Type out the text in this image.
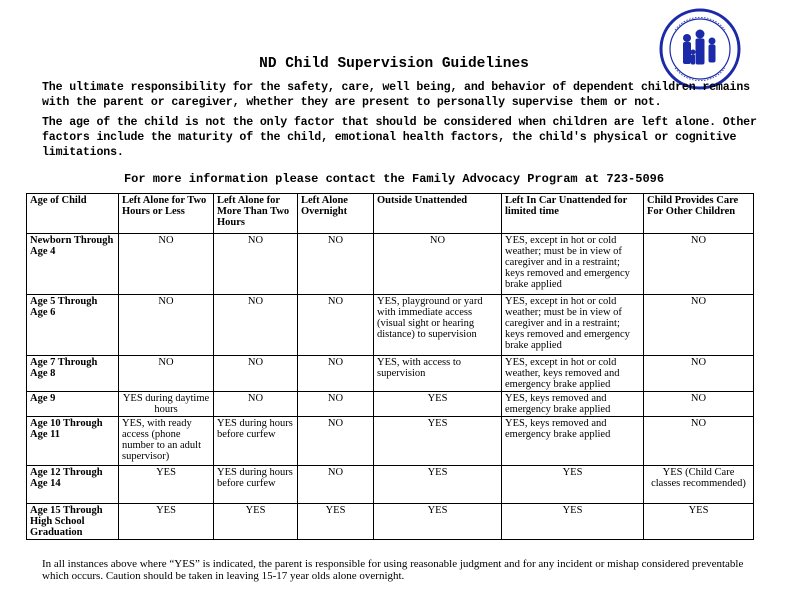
ND Child Supervision Guidelines

The ultimate responsibility for the safety, care, well being, and behavior of dependent children remains with the parent or caregiver, whether they are present to personally supervise them or not.

The age of the child is not the only factor that should be considered when children are left alone. Other factors include the maturity of the child, emotional health factors, the child's physical or cognitive limitations.

For more information please contact the Family Advocacy Program at 723-5096

Age of Child	Left Alone for Two Hours or Less	Left Alone for More Than Two Hours	Left Alone Overnight	Outside Unattended	Left In Car Unattended for limited time	Child Provides Care For Other Children
Newborn Through Age 4	NO	NO	NO	NO	YES, except in hot or cold weather; must be in view of caregiver and in a restraint; keys removed and emergency brake applied	NO
Age 5 Through Age 6	NO	NO	NO	YES, playground or yard with immediate access (visual sight or hearing distance) to supervision	YES, except in hot or cold weather; must be in view of caregiver and in a restraint; keys removed and emergency brake applied	NO
Age 7 Through Age 8	NO	NO	NO	YES, with access to supervision	YES, except in hot or cold weather, keys removed and emergency brake applied	NO
Age 9	YES during daytime hours	NO	NO	YES	YES, keys removed and emergency brake applied	NO
Age 10 Through Age 11	YES, with ready access (phone number to an adult supervisor)	YES during hours before curfew	NO	YES	YES, keys removed and emergency brake applied	NO
Age 12 Through Age 14	YES	YES during hours before curfew	NO	YES	YES	YES (Child Care classes recommended)
Age 15 Through High School Graduation	YES	YES	YES	YES	YES	YES

In all instances above where “YES” is indicated, the parent is responsible for using reasonable judgment and for any incident or mishap considered preventable which occurs. Caution should be taken in leaving 15-17 year olds alone overnight.
